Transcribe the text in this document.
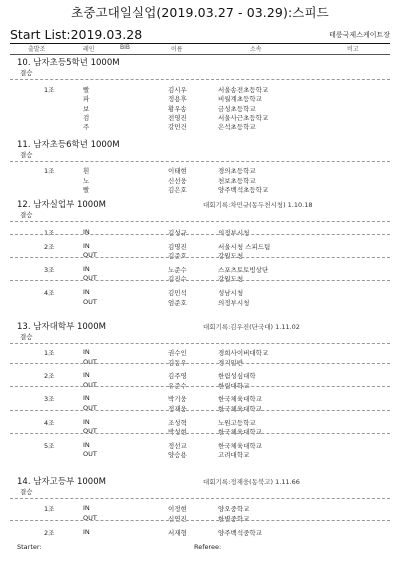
초중고대일실업(2019.03.27 - 03.29):스피드
Start List:2019.03.28	태릉국제스케이트장
출발조	레인	BIB	이름	소속	비고
10. 남자초등5학년 1000M
결승
1조	빨	김시우	서울송전초등학교
파	정용후	비월계초등학교
보	황우송	금성초등학교
검	전영진	서울사근초등학교
주	강민건	은석초등학교
11. 남자초등6학년 1000M
결승
1조	흰	이태현	경의초등학교
노	신선웅	천보초등학교
빨	김은호	양주백석초등학교
12. 남자실업부 1000M	대회기록:차민규(동두천시청) 1.10.18
결승
1조	IN	김성규	의정부시청
2조	IN	김명진	서울시청 스피드팀
OUT	김준호	강원도청
3조	IN	노준수	스포츠토토빙상단
OUT	김진수	강원도청
4조	IN	김민석	성남시청
OUT	엄준호	의정부시청
13. 남자대학부 1000M	대회기록:김우진(단국대) 1.11.02
결승
1조	IN	권수인	경희사이버대학교
OUT	김동우	경기일반
2조	IN	김주영	한림성심대학
OUT	유준수	한림대학교
3조	IN	박기웅	한국체육대학교
OUT	정재웅	한국체육대학교
4조	IN	조성혁	노원고등학교
OUT	박성현	한국체육대학교
5조	IN	정선교	한국체육대학교
OUT	양승용	고려대학교
14. 남자고등부 1000M	대회기록:정재웅(동북고) 1.11.66
결승
1조	IN	이정현	양오중학교
OUT	신연진	한별중학교
2조	IN	서재형	양주백석중학교
Starter:	Referee:
